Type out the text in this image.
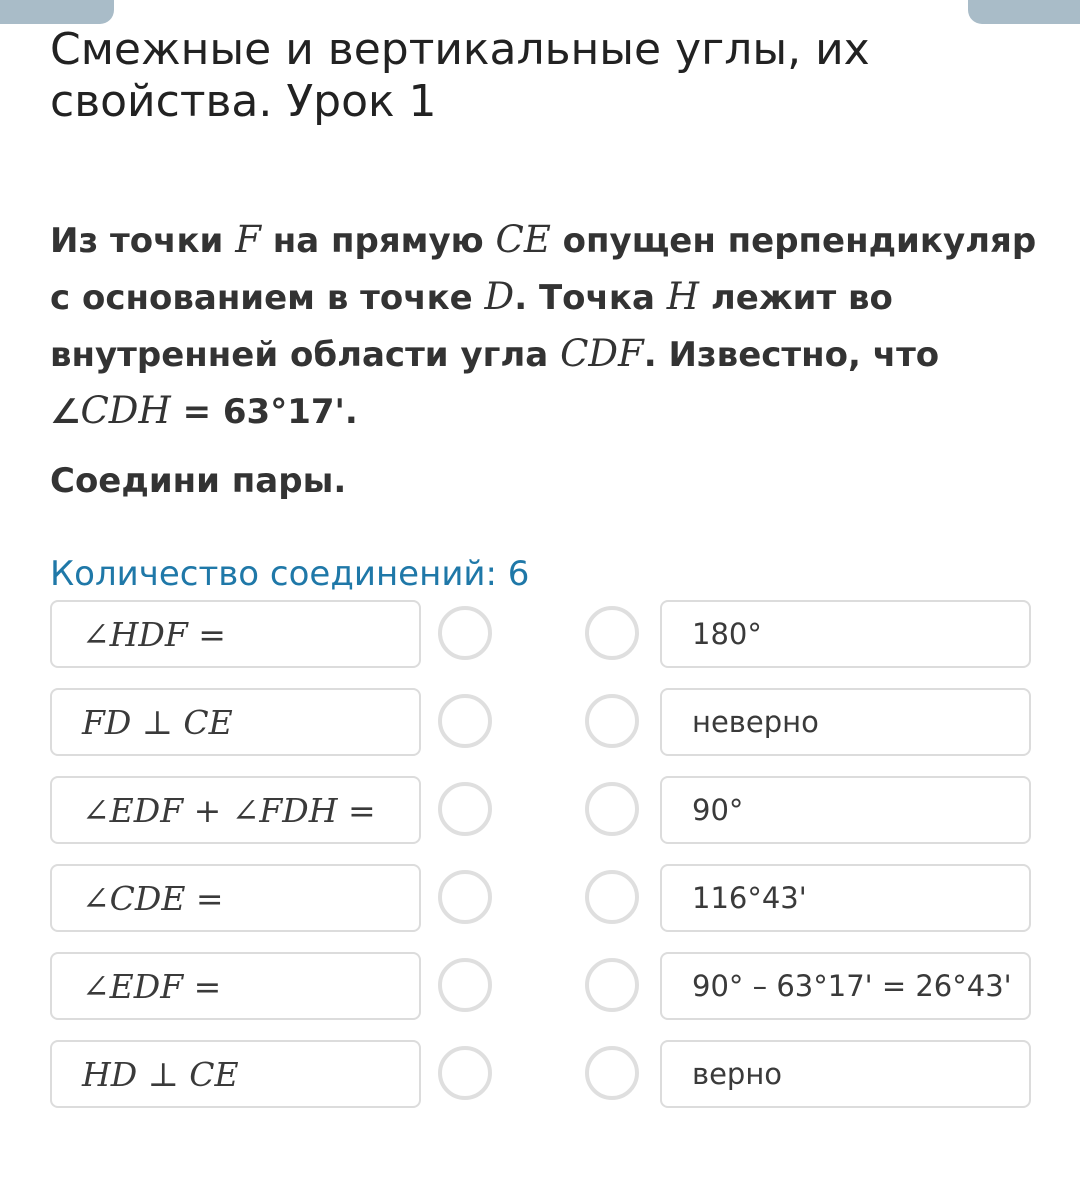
Смежные и вертикальные углы, их свойства. Урок 1

Из точки F на прямую CE опущен перпендикуляр с основанием в точке D. Точка H лежит во внутренней области угла CDF. Известно, что ∠CDH = 63°17'.

Соедини пары.

Количество соединений: 6
∠HDF =	180°
FD ⊥ CE	неверно
∠EDF + ∠FDH =	90°
∠CDE =	116°43'
∠EDF =	90° – 63°17' = 26°43'
HD ⊥ CE	верно
